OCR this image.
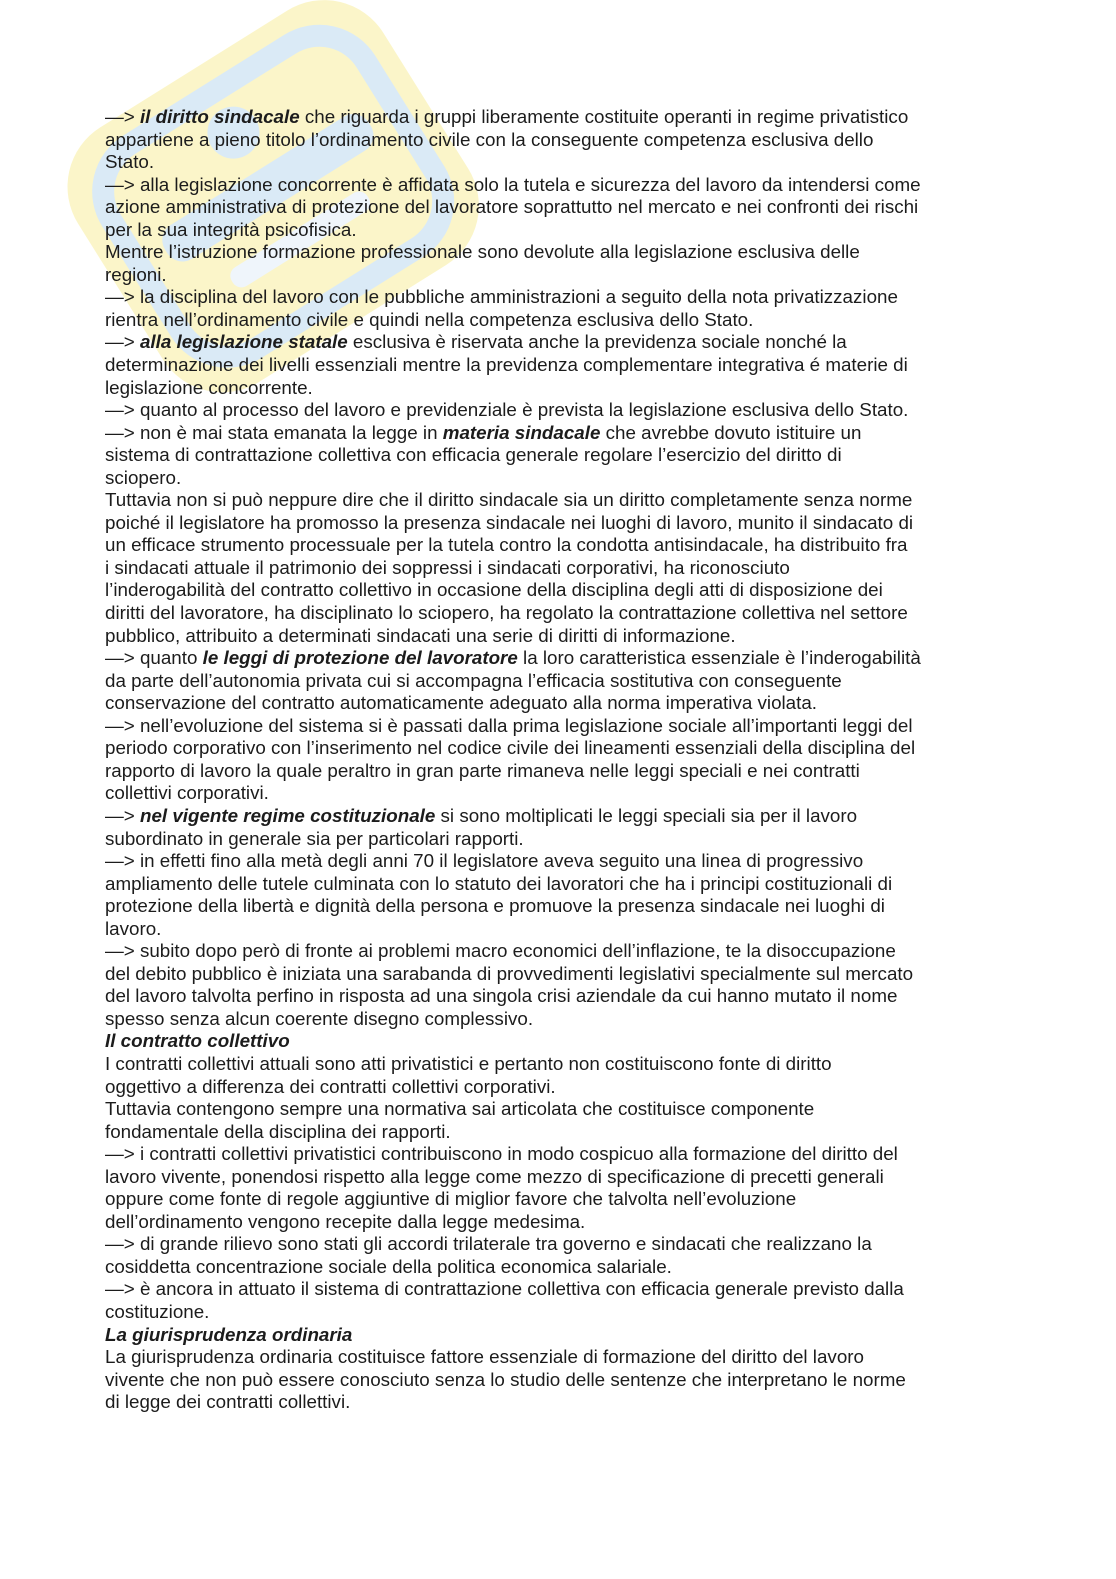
—> il diritto sindacale che riguarda i gruppi liberamente costituite operanti in regime privatistico
appartiene a pieno titolo l’ordinamento civile con la conseguente competenza esclusiva dello
Stato.
—> alla legislazione concorrente è affidata solo la tutela e sicurezza del lavoro da intendersi come
azione amministrativa di protezione del lavoratore soprattutto nel mercato e nei confronti dei rischi
per la sua integrità psicofisica.
Mentre l’istruzione formazione professionale sono devolute alla legislazione esclusiva delle
regioni.
—> la disciplina del lavoro con le pubbliche amministrazioni a seguito della nota privatizzazione
rientra nell’ordinamento civile e quindi nella competenza esclusiva dello Stato.
—> alla legislazione statale esclusiva è riservata anche la previdenza sociale nonché la
determinazione dei livelli essenziali mentre la previdenza complementare integrativa é materie di
legislazione concorrente.
—> quanto al processo del lavoro e previdenziale è prevista la legislazione esclusiva dello Stato.
—> non è mai stata emanata la legge in materia sindacale che avrebbe dovuto istituire un
sistema di contrattazione collettiva con efficacia generale regolare l’esercizio del diritto di
sciopero.
Tuttavia non si può neppure dire che il diritto sindacale sia un diritto completamente senza norme
poiché il legislatore ha promosso la presenza sindacale nei luoghi di lavoro, munito il sindacato di
un efficace strumento processuale per la tutela contro la condotta antisindacale, ha distribuito fra
i sindacati attuale il patrimonio dei soppressi i sindacati corporativi, ha riconosciuto
l’inderogabilità del contratto collettivo in occasione della disciplina degli atti di disposizione dei
diritti del lavoratore, ha disciplinato lo sciopero, ha regolato la contrattazione collettiva nel settore
pubblico, attribuito a determinati sindacati una serie di diritti di informazione.
—> quanto le leggi di protezione del lavoratore la loro caratteristica essenziale è l’inderogabilità
da parte dell’autonomia privata cui si accompagna l’efficacia sostitutiva con conseguente
conservazione del contratto automaticamente adeguato alla norma imperativa violata.
—> nell’evoluzione del sistema si è passati dalla prima legislazione sociale all’importanti leggi del
periodo corporativo con l’inserimento nel codice civile dei lineamenti essenziali della disciplina del
rapporto di lavoro la quale peraltro in gran parte rimaneva nelle leggi speciali e nei contratti
collettivi corporativi.
—> nel vigente regime costituzionale si sono moltiplicati le leggi speciali sia per il lavoro
subordinato in generale sia per particolari rapporti.
—> in effetti fino alla metà degli anni 70 il legislatore aveva seguito una linea di progressivo
ampliamento delle tutele culminata con lo statuto dei lavoratori che ha i principi costituzionali di
protezione della libertà e dignità della persona e promuove la presenza sindacale nei luoghi di
lavoro.
—> subito dopo però di fronte ai problemi macro economici dell’inflazione, te la disoccupazione
del debito pubblico è iniziata una sarabanda di provvedimenti legislativi specialmente sul mercato
del lavoro talvolta perfino in risposta ad una singola crisi aziendale da cui hanno mutato il nome
spesso senza alcun coerente disegno complessivo.
Il contratto collettivo
I contratti collettivi attuali sono atti privatistici e pertanto non costituiscono fonte di diritto
oggettivo a differenza dei contratti collettivi corporativi.
Tuttavia contengono sempre una normativa sai articolata che costituisce componente
fondamentale della disciplina dei rapporti.
—> i contratti collettivi privatistici contribuiscono in modo cospicuo alla formazione del diritto del
lavoro vivente, ponendosi rispetto alla legge come mezzo di specificazione di precetti generali
oppure come fonte di regole aggiuntive di miglior favore che talvolta nell’evoluzione
dell’ordinamento vengono recepite dalla legge medesima.
—> di grande rilievo sono stati gli accordi trilaterale tra governo e sindacati che realizzano la
cosiddetta concentrazione sociale della politica economica salariale.
—> è ancora in attuato il sistema di contrattazione collettiva con efficacia generale previsto dalla
costituzione.
La giurisprudenza ordinaria
La giurisprudenza ordinaria costituisce fattore essenziale di formazione del diritto del lavoro
vivente che non può essere conosciuto senza lo studio delle sentenze che interpretano le norme
di legge dei contratti collettivi.
